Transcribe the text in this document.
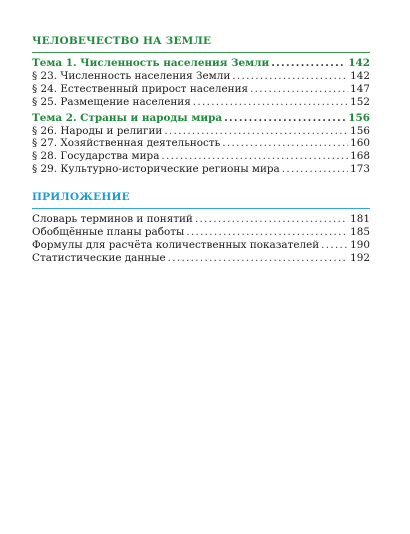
ЧЕЛОВЕЧЕСТВО НА ЗЕМЛЕ
Тема 1. Численность населения Земли .....	142
§ 23. Численность населения Земли .....	142
§ 24. Естественный прирост населения .....	147
§ 25. Размещение населения .....	152
Тема 2. Страны и народы мира .....	156
§ 26. Народы и религии .....	156
§ 27. Хозяйственная деятельность .....	160
§ 28. Государства мира .....	168
§ 29. Культурно-исторические регионы мира .....	173
ПРИЛОЖЕНИЕ
Словарь терминов и понятий .....	181
Обобщённые планы работы .....	185
Формулы для расчёта количественных показателей .....	190
Статистические данные .....	192
